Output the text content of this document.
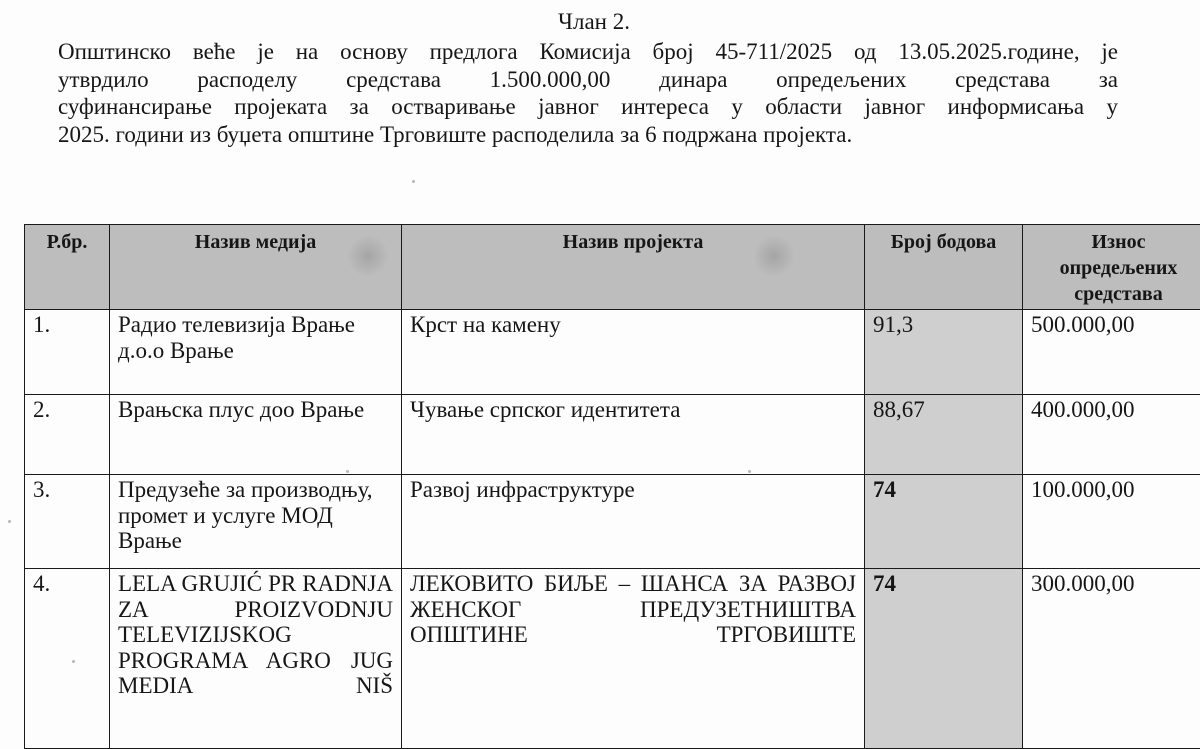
Члан 2.
Општинско веће је на основу предлога Комисија број 45-711/2025 од 13.05.2025.године, је
утврдило расподелу средстава 1.500.000,00 динара опредељених средстава за
суфинансирање пројеката за остваривање јавног интереса у области јавног информисања у
2025. години из буџета општине Трговиште расподелила за 6 подржана пројекта.
Р.бр.	Назив медија	Назив пројекта	Број бодова	Износ опредељених средстава
1.	Радио телевизија Врање д.о.о Врање	Крст на камену	91,3	500.000,00
2.	Врањска плус доо Врање	Чување српског идентитета	88,67	400.000,00
3.	Предузеће за производњу, промет и услуге МОД Врање	Развој инфраструктуре	74	100.000,00
4.	LELA GRUJIĆ PR RADNJA ZA PROIZVODNJU TELEVIZIJSKOG PROGRAMA AGRO JUG MEDIA NIŠ	ЛЕКОВИТО БИЉЕ – ШАНСА ЗА РАЗВОЈ ЖЕНСКОГ ПРЕДУЗЕТНИШТВА ОПШТИНЕ ТРГОВИШТЕ	74	300.000,00
